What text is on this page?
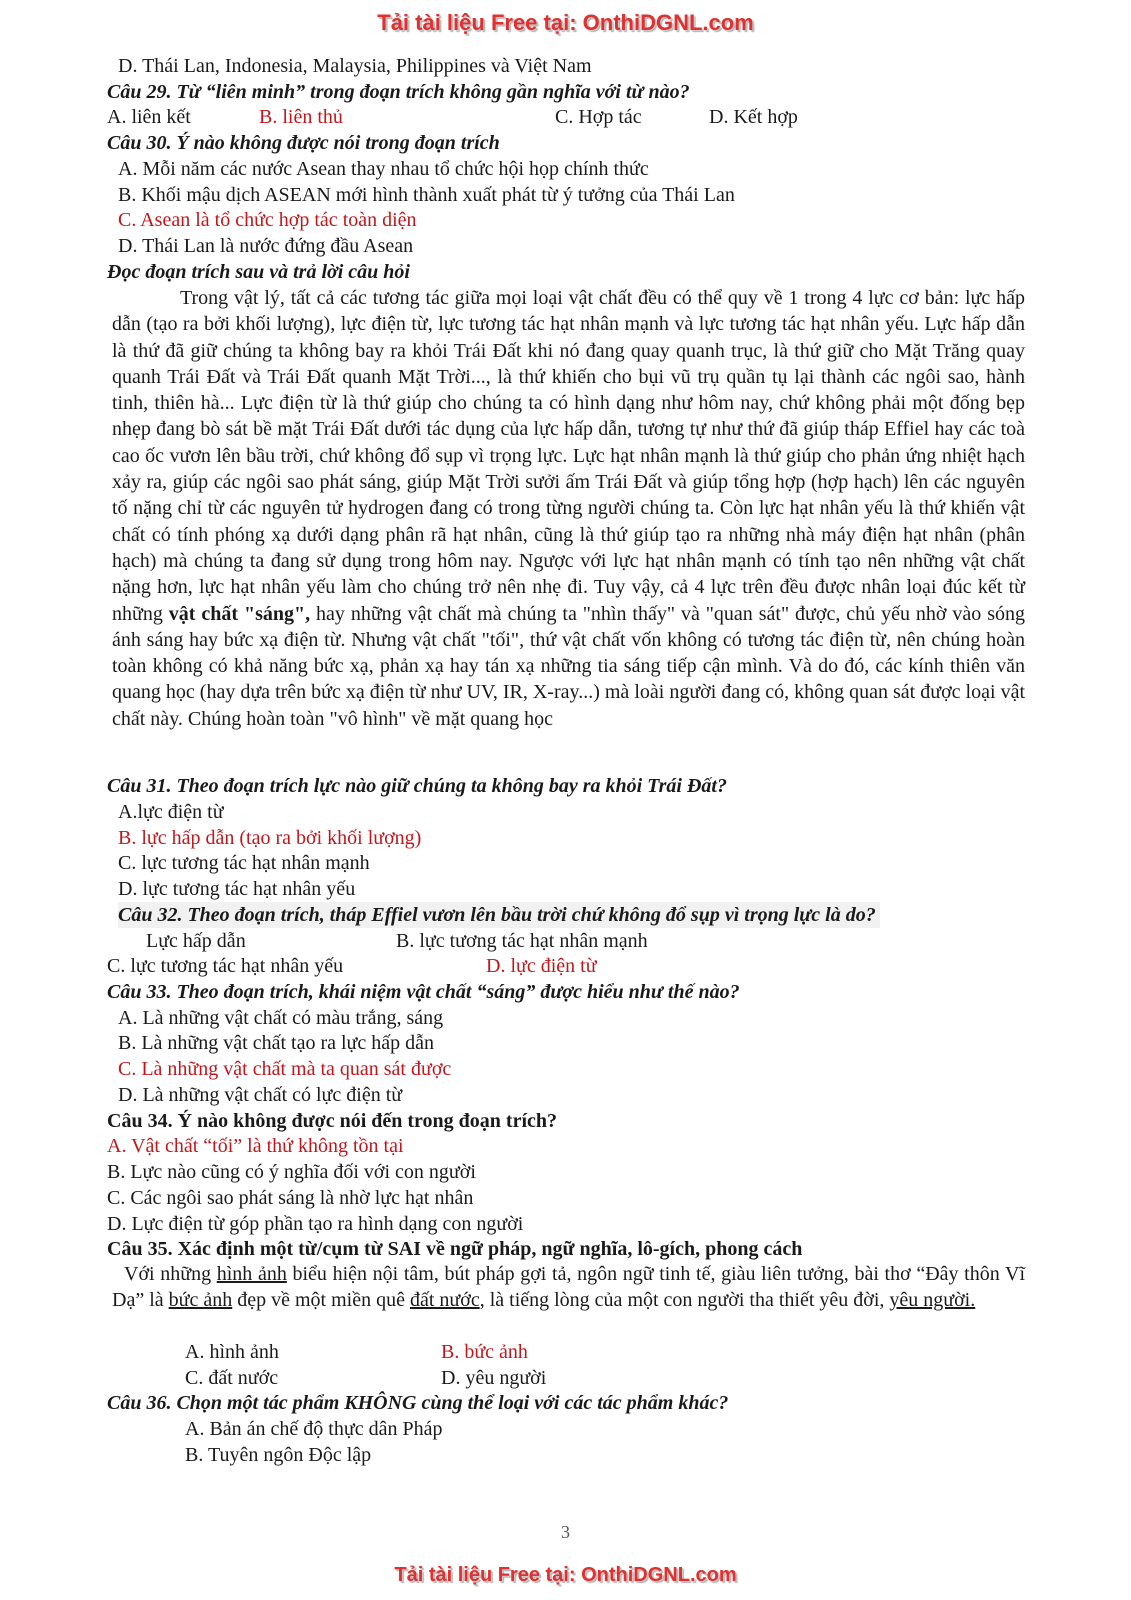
Tải tài liệu Free tại: OnthiDGNL.com
D. Thái Lan, Indonesia, Malaysia, Philippines và Việt Nam
Câu 29. Từ “liên minh” trong đoạn trích không gần nghĩa với từ nào?
A. liên kết	B. liên thủ	C. Hợp tác	D. Kết hợp
Câu 30. Ý nào không được nói trong đoạn trích
A. Mỗi năm các nước Asean thay nhau tổ chức hội họp chính thức
B. Khối mậu dịch ASEAN mới hình thành xuất phát từ ý tưởng của Thái Lan
C. Asean là tổ chức hợp tác toàn diện
D. Thái Lan là nước đứng đầu Asean
Đọc đoạn trích sau và trả lời câu hỏi
Trong vật lý, tất cả các tương tác giữa mọi loại vật chất đều có thể quy về 1 trong 4 lực cơ bản: lực hấp dẫn (tạo ra bởi khối lượng), lực điện từ, lực tương tác hạt nhân mạnh và lực tương tác hạt nhân yếu. Lực hấp dẫn là thứ đã giữ chúng ta không bay ra khỏi Trái Đất khi nó đang quay quanh trục, là thứ giữ cho Mặt Trăng quay quanh Trái Đất và Trái Đất quanh Mặt Trời..., là thứ khiến cho bụi vũ trụ quần tụ lại thành các ngôi sao, hành tinh, thiên hà... Lực điện từ là thứ giúp cho chúng ta có hình dạng như hôm nay, chứ không phải một đống bẹp nhẹp đang bò sát bề mặt Trái Đất dưới tác dụng của lực hấp dẫn, tương tự như thứ đã giúp tháp Effiel hay các toà cao ốc vươn lên bầu trời, chứ không đổ sụp vì trọng lực. Lực hạt nhân mạnh là thứ giúp cho phản ứng nhiệt hạch xảy ra, giúp các ngôi sao phát sáng, giúp Mặt Trời sưởi ấm Trái Đất và giúp tổng hợp (hợp hạch) lên các nguyên tố nặng chỉ từ các nguyên tử hydrogen đang có trong từng người chúng ta. Còn lực hạt nhân yếu là thứ khiến vật chất có tính phóng xạ dưới dạng phân rã hạt nhân, cũng là thứ giúp tạo ra những nhà máy điện hạt nhân (phân hạch) mà chúng ta đang sử dụng trong hôm nay. Ngược với lực hạt nhân mạnh có tính tạo nên những vật chất nặng hơn, lực hạt nhân yếu làm cho chúng trở nên nhẹ đi. Tuy vậy, cả 4 lực trên đều được nhân loại đúc kết từ những vật chất "sáng", hay những vật chất mà chúng ta "nhìn thấy" và "quan sát" được, chủ yếu nhờ vào sóng ánh sáng hay bức xạ điện từ. Nhưng vật chất "tối", thứ vật chất vốn không có tương tác điện từ, nên chúng hoàn toàn không có khả năng bức xạ, phản xạ hay tán xạ những tia sáng tiếp cận mình. Và do đó, các kính thiên văn quang học (hay dựa trên bức xạ điện từ như UV, IR, X-ray...) mà loài người đang có, không quan sát được loại vật chất này. Chúng hoàn toàn "vô hình" về mặt quang học
Câu 31. Theo đoạn trích lực nào giữ chúng ta không bay ra khỏi Trái Đất?
A.lực điện từ
B. lực hấp dẫn (tạo ra bởi khối lượng)
C. lực tương tác hạt nhân mạnh
D. lực tương tác hạt nhân yếu
Câu 32. Theo đoạn trích, tháp Effiel vươn lên bầu trời chứ không đổ sụp vì trọng lực là do?
Lực hấp dẫn	B. lực tương tác hạt nhân mạnh
C. lực tương tác hạt nhân yếu	D. lực điện từ
Câu 33. Theo đoạn trích, khái niệm vật chất “sáng” được hiểu như thế nào?
A. Là những vật chất có màu trắng, sáng
B. Là những vật chất tạo ra lực hấp dẫn
C. Là những vật chất mà ta quan sát được
D. Là những vật chất có lực điện từ
Câu 34. Ý nào không được nói đến trong đoạn trích?
A. Vật chất “tối” là thứ không tồn tại
B. Lực nào cũng có ý nghĩa đối với con người
C. Các ngôi sao phát sáng là nhờ lực hạt nhân
D. Lực điện từ góp phần tạo ra hình dạng con người
Câu 35. Xác định một từ/cụm từ SAI về ngữ pháp, ngữ nghĩa, lô-gích, phong cách
Với những hình ảnh biểu hiện nội tâm, bút pháp gợi tả, ngôn ngữ tinh tế, giàu liên tưởng, bài thơ “Đây thôn Vĩ Dạ” là bức ảnh đẹp về một miền quê đất nước, là tiếng lòng của một con người tha thiết yêu đời, yêu người.
A. hình ảnh	B. bức ảnh
C. đất nước	D. yêu người
Câu 36. Chọn một tác phẩm KHÔNG cùng thể loại với các tác phẩm khác?
A. Bản án chế độ thực dân Pháp
B. Tuyên ngôn Độc lập
3
Tải tài liệu Free tại: OnthiDGNL.com
